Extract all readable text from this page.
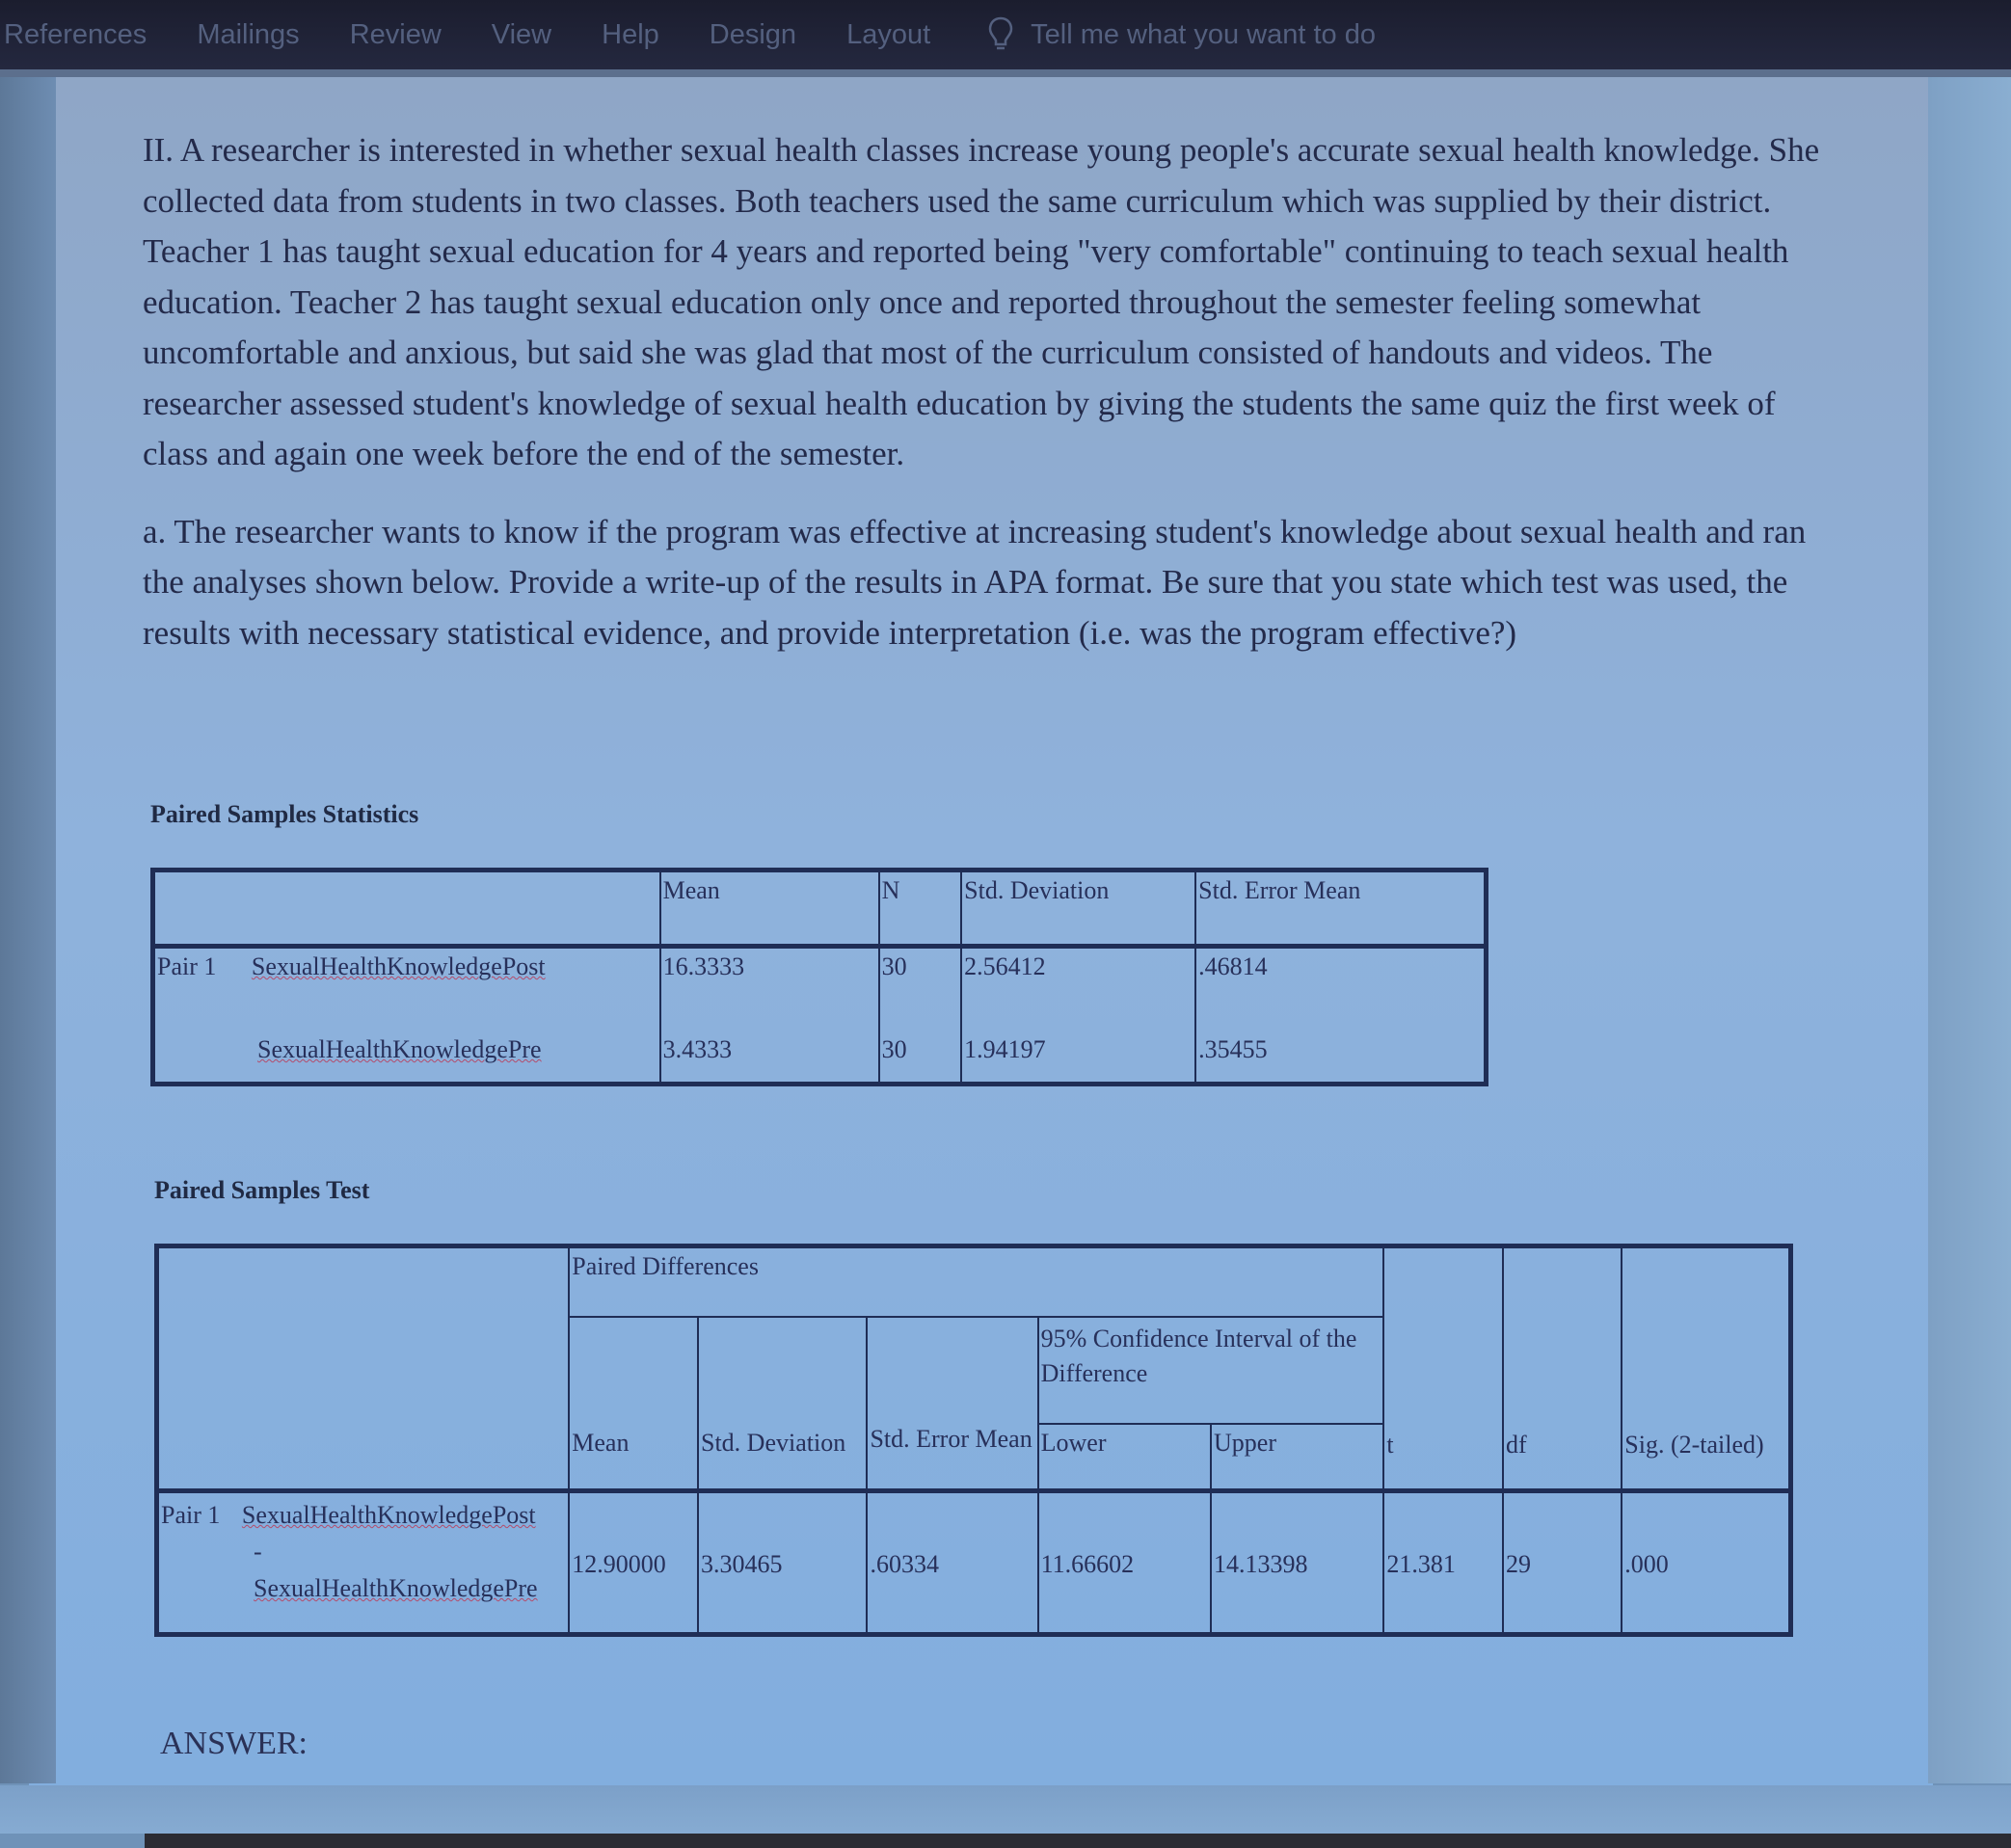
References Mailings Review View Help Design Layout	Tell me what you want to do

II. A researcher is interested in whether sexual health classes increase young people's accurate sexual health knowledge. She collected data from students in two classes. Both teachers used the same curriculum which was supplied by their district. Teacher 1 has taught sexual education for 4 years and reported being "very comfortable" continuing to teach sexual health education. Teacher 2 has taught sexual education only once and reported throughout the semester feeling somewhat uncomfortable and anxious, but said she was glad that most of the curriculum consisted of handouts and videos. The researcher assessed student's knowledge of sexual health education by giving the students the same quiz the first week of class and again one week before the end of the semester.

a. The researcher wants to know if the program was effective at increasing student's knowledge about sexual health and ran the analyses shown below. Provide a write-up of the results in APA format. Be sure that you state which test was used, the results with necessary statistical evidence, and provide interpretation (i.e. was the program effective?)

Paired Samples Statistics
	Mean	N	Std. Deviation	Std. Error Mean
Pair 1 SexualHealthKnowledgePost	16.3333	30	2.56412	.46814
SexualHealthKnowledgePre	3.4333	30	1.94197	.35455
Paired Samples Test
	Paired Differences					t	df	Sig. (2-tailed)
	Mean	Std. Deviation	Std. Error Mean	95% Confidence Interval of the Difference				
				Lower	Upper			

Pair 1 SexualHealthKnowledgePost
-
SexualHealthKnowledgePre	12.90000	3.30465	.60334	11.66602	14.13398	21.381	29	.000
ANSWER:
